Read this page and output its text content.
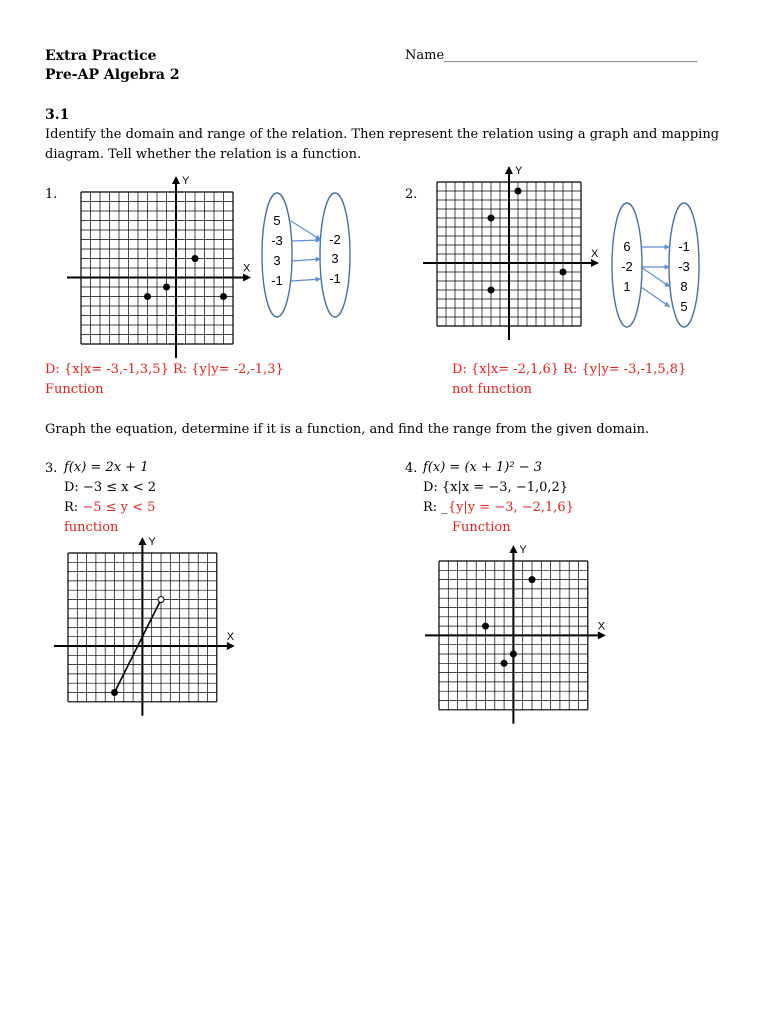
Extra Practice
Pre-AP Algebra 2
Name_______________________________________
3.1
Identify the domain and range of the relation. Then represent the relation using a graph and mapping
diagram. Tell whether the relation is a function.
1.
X
Y
5
-3
3
-1
-2
3
-1
D: {x|x= -3,-1,3,5} R: {y|y= -2,-1,3}
Function
2.
X
Y
6
-2
1
-1
-3
8
5
D: {x|x= -2,1,6} R: {y|y= -3,-1,5,8}
not function
Graph the equation, determine if it is a function, and find the range from the given domain.
3. f(x) = 2x + 1
D: −3 ≤ x < 2
R: −5 ≤ y < 5
function
X
Y
4. f(x) = (x + 1)² − 3
D: {x|x = −3, −1,0,2}
R: _{y|y = −3, −2,1,6}
Function
X
Y
